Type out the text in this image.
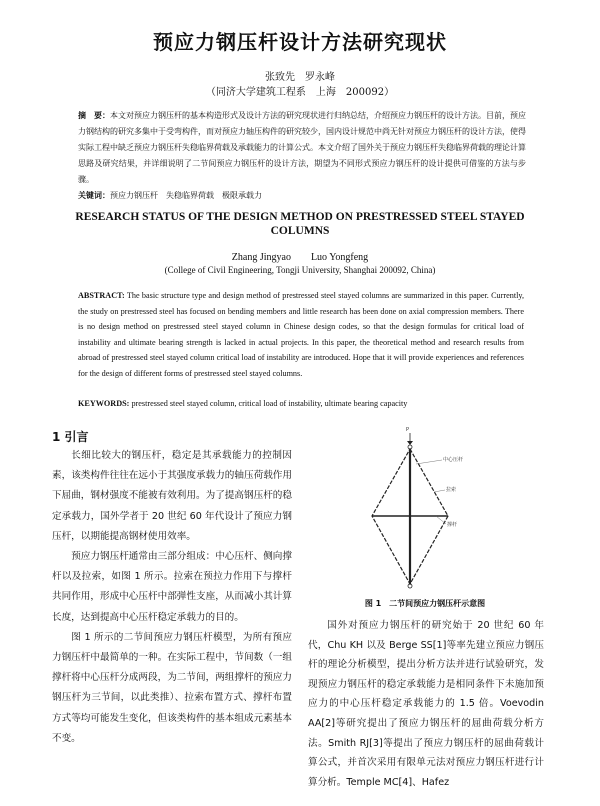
预应力钢压杆设计方法研究现状
张致先　罗永峰
（同济大学建筑工程系　上海　200092）
摘　要：本文对预应力钢压杆的基本构造形式及设计方法的研究现状进行归纳总结，介绍预应力钢压杆的设计方法。目前，预应力钢结构的研究多集中于受弯构件，而对预应力轴压构件的研究较少，国内设计规范中尚无针对预应力钢压杆的设计方法，使得实际工程中缺乏预应力钢压杆失稳临界荷载及承载能力的计算公式。本文介绍了国外关于预应力钢压杆失稳临界荷载的理论计算思路及研究结果，并详细说明了二节间预应力钢压杆的设计方法，期望为不同形式预应力钢压杆的设计提供可借鉴的方法与步骤。
关键词：预应力钢压杆　失稳临界荷载　极限承载力
RESEARCH STATUS OF THE DESIGN METHOD ON PRESTRESSED STEEL STAYED COLUMNS
Zhang Jingyao　　Luo Yongfeng
(College of Civil Engineering, Tongji University, Shanghai 200092, China)
ABSTRACT: The basic structure type and design method of prestressed steel stayed columns are summarized in this paper. Currently, the study on prestressed steel has focused on bending members and little research has been done on axial compression members. There is no design method on prestressed steel stayed column in Chinese design codes, so that the design formulas for critical load of instability and ultimate bearing strength is lacked in actual projects. In this paper, the theoretical method and research results from abroad of prestressed steel stayed column critical load of instability are introduced. Hope that it will provide experiences and references for the design of different forms of prestressed steel stayed columns.
KEYWORDS: prestressed steel stayed column, critical load of instability, ultimate bearing capacity
1 引言

长细比较大的钢压杆，稳定是其承载能力的控制因素，该类构件往往在远小于其强度承载力的轴压荷载作用下屈曲，钢材强度不能被有效利用。为了提高钢压杆的稳定承载力，国外学者于 20 世纪 60 年代设计了预应力钢压杆，以期能提高钢材使用效率。

预应力钢压杆通常由三部分组成：中心压杆、侧向撑杆以及拉索，如图 1 所示。拉索在预拉力作用下与撑杆共同作用，形成中心压杆中部弹性支座，从而减小其计算长度，达到提高中心压杆稳定承载力的目的。

图 1 所示的二节间预应力钢压杆模型，为所有预应力钢压杆中最简单的一种。在实际工程中，节间数（一组撑杆将中心压杆分成两段，为二节间，两组撑杆的预应力钢压杆为三节间，以此类推）、拉索布置方式、撑杆布置方式等均可能发生变化，但该类构件的基本组成元素基本不变。

P
中心压杆
拉索
撑杆
图 1　二节间预应力钢压杆示意图

国外对预应力钢压杆的研究始于 20 世纪 60 年代，Chu KH 以及 Berge SS[1]等率先建立预应力钢压杆的理论分析模型，提出分析方法并进行试验研究，发现预应力钢压杆的稳定承载能力是相同条件下未施加预应力的中心压杆稳定承载能力的 1.5 倍。Voevodin AA[2]等研究提出了预应力钢压杆的屈曲荷载分析方法。Smith RJ[3]等提出了预应力钢压杆的屈曲荷载计算公式，并首次采用有限单元法对预应力钢压杆进行计算分析。Temple MC[4]、Hafez
